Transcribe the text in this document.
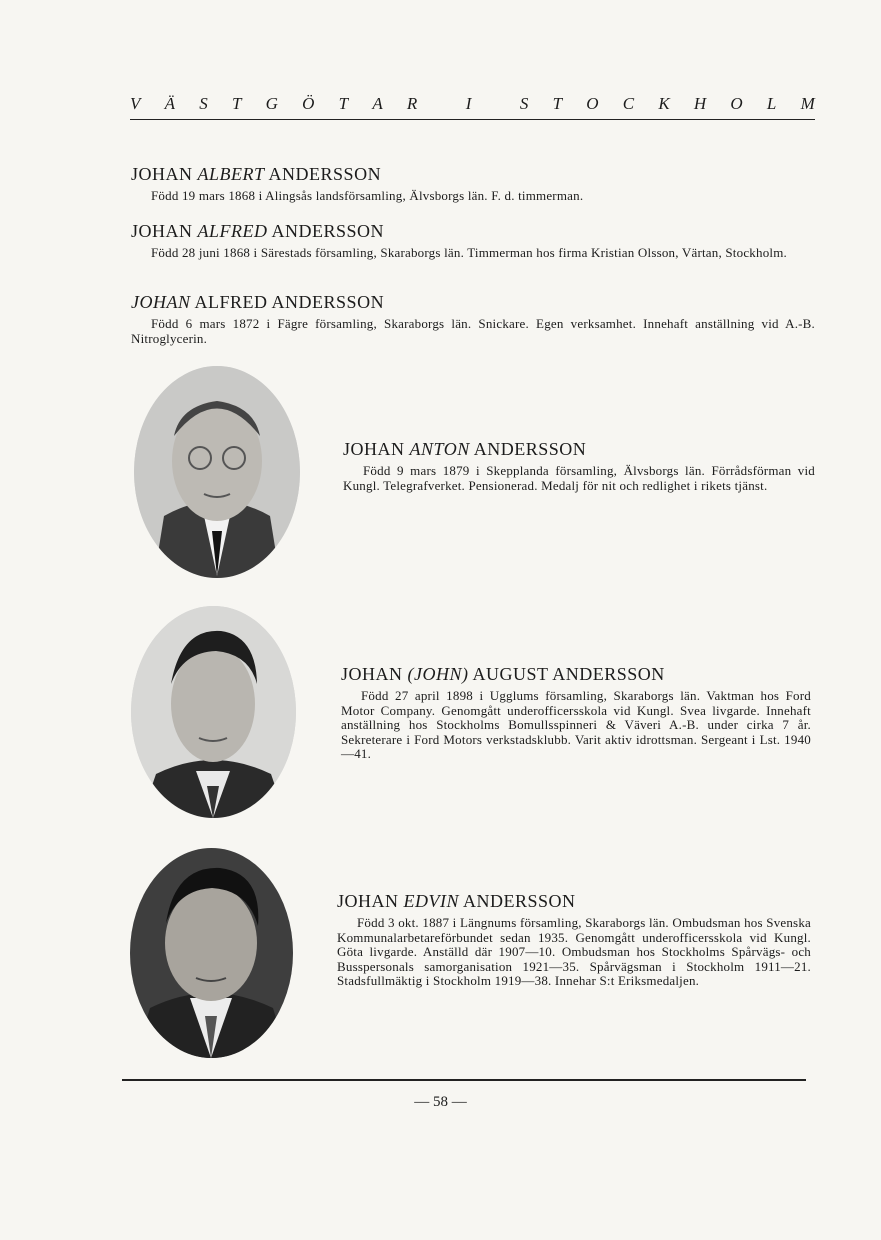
V Ä S T G Ö T A R	I	S T O C K H O L M

JOHAN ALBERT ANDERSSON

Född 19 mars 1868 i Alingsås landsförsamling, Älvsborgs län. F. d. timmerman.

JOHAN ALFRED ANDERSSON

Född 28 juni 1868 i Särestads församling, Skaraborgs län. Timmerman hos firma Kristian Olsson, Värtan, Stockholm.

JOHAN ALFRED ANDERSSON

Född 6 mars 1872 i Fägre församling, Skaraborgs län. Snickare. Egen verksamhet. Innehaft anställning vid A.-B. Nitroglycerin.

JOHAN ANTON ANDERSSON

Född 9 mars 1879 i Skepplanda församling, Älvsborgs län. Förrådsförman vid Kungl. Telegrafverket. Pensionerad. Medalj för nit och redlighet i rikets tjänst.

JOHAN (JOHN) AUGUST ANDERSSON

Född 27 april 1898 i Ugglums församling, Skaraborgs län. Vaktman hos Ford Motor Company. Genomgått underofficersskola vid Kungl. Svea livgarde. Innehaft anställning hos Stockholms Bomullsspinneri & Väveri A.-B. under cirka 7 år. Sekreterare i Ford Motors verkstadsklubb. Varit aktiv idrottsman. Sergeant i Lst. 1940—41.

JOHAN EDVIN ANDERSSON

Född 3 okt. 1887 i Längnums församling, Skaraborgs län. Ombudsman hos Svenska Kommunalarbetareförbundet sedan 1935. Genomgått underofficersskola vid Kungl. Göta livgarde. Anställd där 1907—10. Ombudsman hos Stockholms Spårvägs- och Busspersonals samorganisation 1921—35. Spårvägsman i Stockholm 1911—21. Stadsfullmäktig i Stockholm 1919—38. Innehar S:t Eriksmedaljen.

— 58 —
